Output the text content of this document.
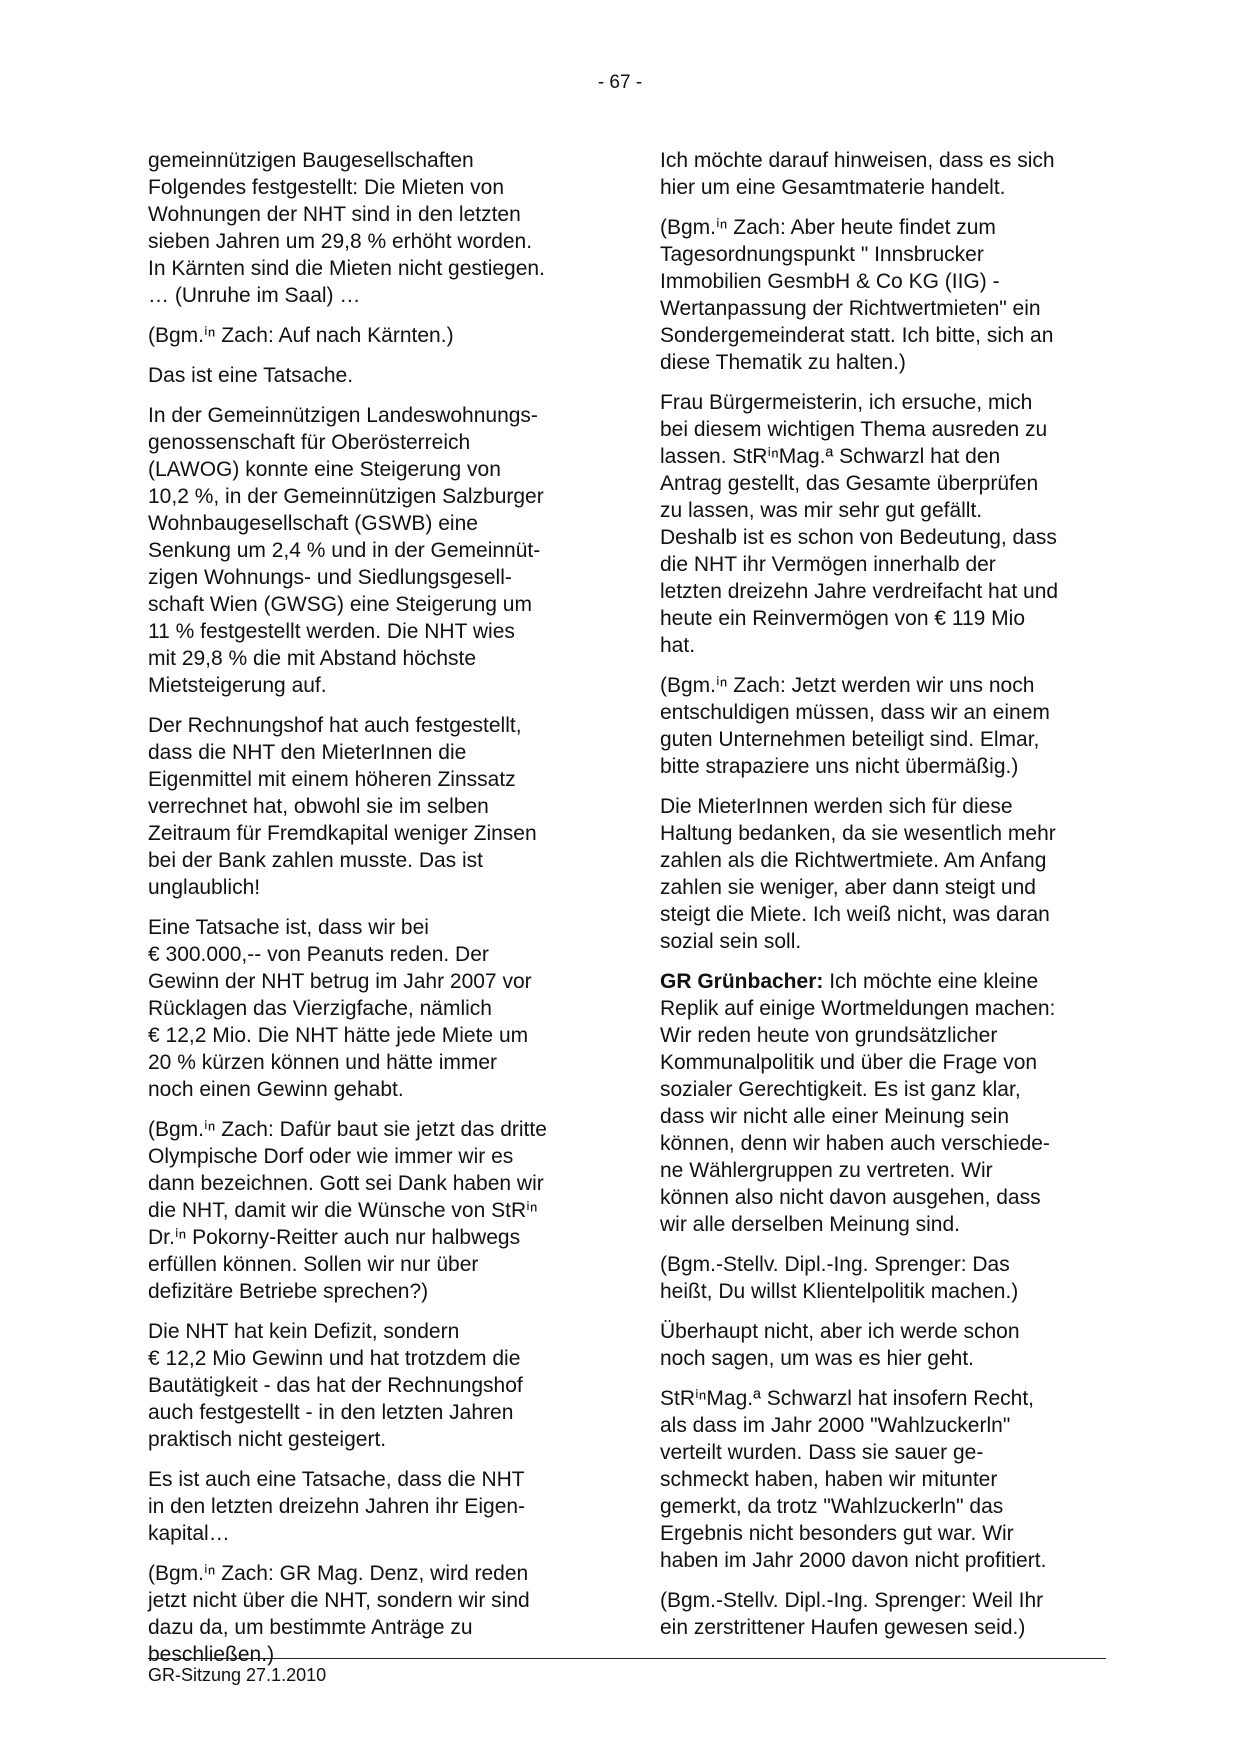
- 67 -

gemeinnützigen Baugesellschaften
Folgendes festgestellt: Die Mieten von
Wohnungen der NHT sind in den letzten
sieben Jahren um 29,8 % erhöht worden.
In Kärnten sind die Mieten nicht gestiegen.
… (Unruhe im Saal) …

(Bgm.ⁱⁿ Zach: Auf nach Kärnten.)

Das ist eine Tatsache.

In der Gemeinnützigen Landeswohnungs-
genossenschaft für Oberösterreich
(LAWOG) konnte eine Steigerung von
10,2 %, in der Gemeinnützigen Salzburger
Wohnbaugesellschaft (GSWB) eine
Senkung um 2,4 % und in der Gemeinnüt-
zigen Wohnungs- und Siedlungsgesell-
schaft Wien (GWSG) eine Steigerung um
11 % festgestellt werden. Die NHT wies
mit 29,8 % die mit Abstand höchste
Mietsteigerung auf.

Der Rechnungshof hat auch festgestellt,
dass die NHT den MieterInnen die
Eigenmittel mit einem höheren Zinssatz
verrechnet hat, obwohl sie im selben
Zeitraum für Fremdkapital weniger Zinsen
bei der Bank zahlen musste. Das ist
unglaublich!

Eine Tatsache ist, dass wir bei
€ 300.000,-- von Peanuts reden. Der
Gewinn der NHT betrug im Jahr 2007 vor
Rücklagen das Vierzigfache, nämlich
€ 12,2 Mio. Die NHT hätte jede Miete um
20 % kürzen können und hätte immer
noch einen Gewinn gehabt.

(Bgm.ⁱⁿ Zach: Dafür baut sie jetzt das dritte
Olympische Dorf oder wie immer wir es
dann bezeichnen. Gott sei Dank haben wir
die NHT, damit wir die Wünsche von StRⁱⁿ
Dr.ⁱⁿ Pokorny-Reitter auch nur halbwegs
erfüllen können. Sollen wir nur über
defizitäre Betriebe sprechen?)

Die NHT hat kein Defizit, sondern
€ 12,2 Mio Gewinn und hat trotzdem die
Bautätigkeit - das hat der Rechnungshof
auch festgestellt - in den letzten Jahren
praktisch nicht gesteigert.

Es ist auch eine Tatsache, dass die NHT
in den letzten dreizehn Jahren ihr Eigen-
kapital…

(Bgm.ⁱⁿ Zach: GR Mag. Denz, wird reden
jetzt nicht über die NHT, sondern wir sind
dazu da, um bestimmte Anträge zu
beschließen.)

Ich möchte darauf hinweisen, dass es sich
hier um eine Gesamtmaterie handelt.

(Bgm.ⁱⁿ Zach: Aber heute findet zum
Tagesordnungspunkt " Innsbrucker
Immobilien GesmbH & Co KG (IIG) -
Wertanpassung der Richtwertmieten" ein
Sondergemeinderat statt. Ich bitte, sich an
diese Thematik zu halten.)

Frau Bürgermeisterin, ich ersuche, mich
bei diesem wichtigen Thema ausreden zu
lassen. StRⁱⁿMag.ª Schwarzl hat den
Antrag gestellt, das Gesamte überprüfen
zu lassen, was mir sehr gut gefällt.
Deshalb ist es schon von Bedeutung, dass
die NHT ihr Vermögen innerhalb der
letzten dreizehn Jahre verdreifacht hat und
heute ein Reinvermögen von € 119 Mio
hat.

(Bgm.ⁱⁿ Zach: Jetzt werden wir uns noch
entschuldigen müssen, dass wir an einem
guten Unternehmen beteiligt sind. Elmar,
bitte strapaziere uns nicht übermäßig.)

Die MieterInnen werden sich für diese
Haltung bedanken, da sie wesentlich mehr
zahlen als die Richtwertmiete. Am Anfang
zahlen sie weniger, aber dann steigt und
steigt die Miete. Ich weiß nicht, was daran
sozial sein soll.

GR Grünbacher: Ich möchte eine kleine
Replik auf einige Wortmeldungen machen:
Wir reden heute von grundsätzlicher
Kommunalpolitik und über die Frage von
sozialer Gerechtigkeit. Es ist ganz klar,
dass wir nicht alle einer Meinung sein
können, denn wir haben auch verschiede-
ne Wählergruppen zu vertreten. Wir
können also nicht davon ausgehen, dass
wir alle derselben Meinung sind.

(Bgm.-Stellv. Dipl.-Ing. Sprenger: Das
heißt, Du willst Klientelpolitik machen.)

Überhaupt nicht, aber ich werde schon
noch sagen, um was es hier geht.

StRⁱⁿMag.ª Schwarzl hat insofern Recht,
als dass im Jahr 2000 "Wahlzuckerln"
verteilt wurden. Dass sie sauer ge-
schmeckt haben, haben wir mitunter
gemerkt, da trotz "Wahlzuckerln" das
Ergebnis nicht besonders gut war. Wir
haben im Jahr 2000 davon nicht profitiert.

(Bgm.-Stellv. Dipl.-Ing. Sprenger: Weil Ihr
ein zerstrittener Haufen gewesen seid.)

GR-Sitzung 27.1.2010
